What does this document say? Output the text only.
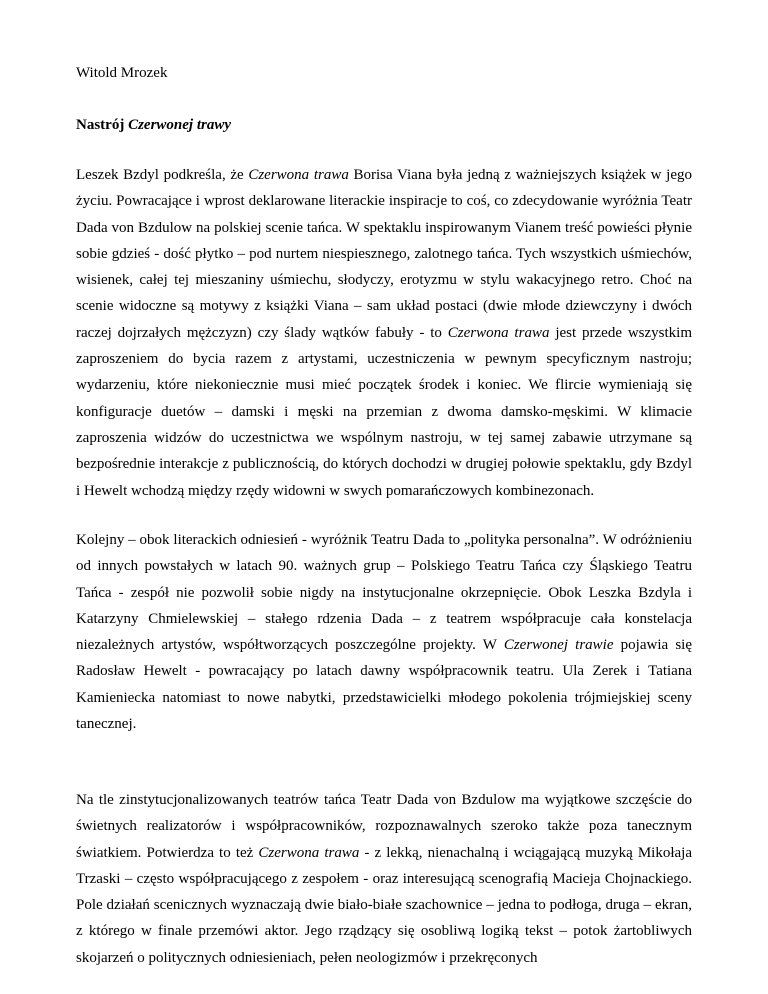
Witold Mrozek

Nastrój Czerwonej trawy

Leszek Bzdyl podkreśla, że Czerwona trawa Borisa Viana była jedną z ważniejszych książek w jego życiu. Powracające i wprost deklarowane literackie inspiracje to coś, co zdecydowanie wyróżnia Teatr Dada von Bzdulow na polskiej scenie tańca. W spektaklu inspirowanym Vianem treść powieści płynie sobie gdzieś - dość płytko – pod nurtem niespiesznego, zalotnego tańca. Tych wszystkich uśmiechów, wisienek, całej tej mieszaniny uśmiechu, słodyczy, erotyzmu w stylu wakacyjnego retro. Choć na scenie widoczne są motywy z książki Viana – sam układ postaci (dwie młode dziewczyny i dwóch raczej dojrzałych mężczyzn) czy ślady wątków fabuły - to Czerwona trawa jest przede wszystkim zaproszeniem do bycia razem z artystami, uczestniczenia w pewnym specyficznym nastroju; wydarzeniu, które niekoniecznie musi mieć początek środek i koniec. We flircie wymieniają się konfiguracje duetów – damski i męski na przemian z dwoma damsko-męskimi. W klimacie zaproszenia widzów do uczestnictwa we wspólnym nastroju, w tej samej zabawie utrzymane są bezpośrednie interakcje z publicznością, do których dochodzi w drugiej połowie spektaklu, gdy Bzdyl i Hewelt wchodzą między rzędy widowni w swych pomarańczowych kombinezonach.

Kolejny – obok literackich odniesień - wyróżnik Teatru Dada to „polityka personalna”. W odróżnieniu od innych powstałych w latach 90. ważnych grup – Polskiego Teatru Tańca czy Śląskiego Teatru Tańca - zespół nie pozwolił sobie nigdy na instytucjonalne okrzepnięcie. Obok Leszka Bzdyla i Katarzyny Chmielewskiej – stałego rdzenia Dada – z teatrem współpracuje cała konstelacja niezależnych artystów, współtworzących poszczególne projekty. W Czerwonej trawie pojawia się Radosław Hewelt - powracający po latach dawny współpracownik teatru. Ula Zerek i Tatiana Kamieniecka natomiast to nowe nabytki, przedstawicielki młodego pokolenia trójmiejskiej sceny tanecznej.

Na tle zinstytucjonalizowanych teatrów tańca Teatr Dada von Bzdulow ma wyjątkowe szczęście do świetnych realizatorów i współpracowników, rozpoznawalnych szeroko także poza tanecznym światkiem. Potwierdza to też Czerwona trawa - z lekką, nienachalną i wciągającą muzyką Mikołaja Trzaski – często współpracującego z zespołem - oraz interesującą scenografią Macieja Chojnackiego. Pole działań scenicznych wyznaczają dwie biało-białe szachownice – jedna to podłoga, druga – ekran, z którego w finale przemówi aktor. Jego rządzący się osobliwą logiką tekst – potok żartobliwych skojarzeń o politycznych odniesieniach, pełen neologizmów i przekręconych
